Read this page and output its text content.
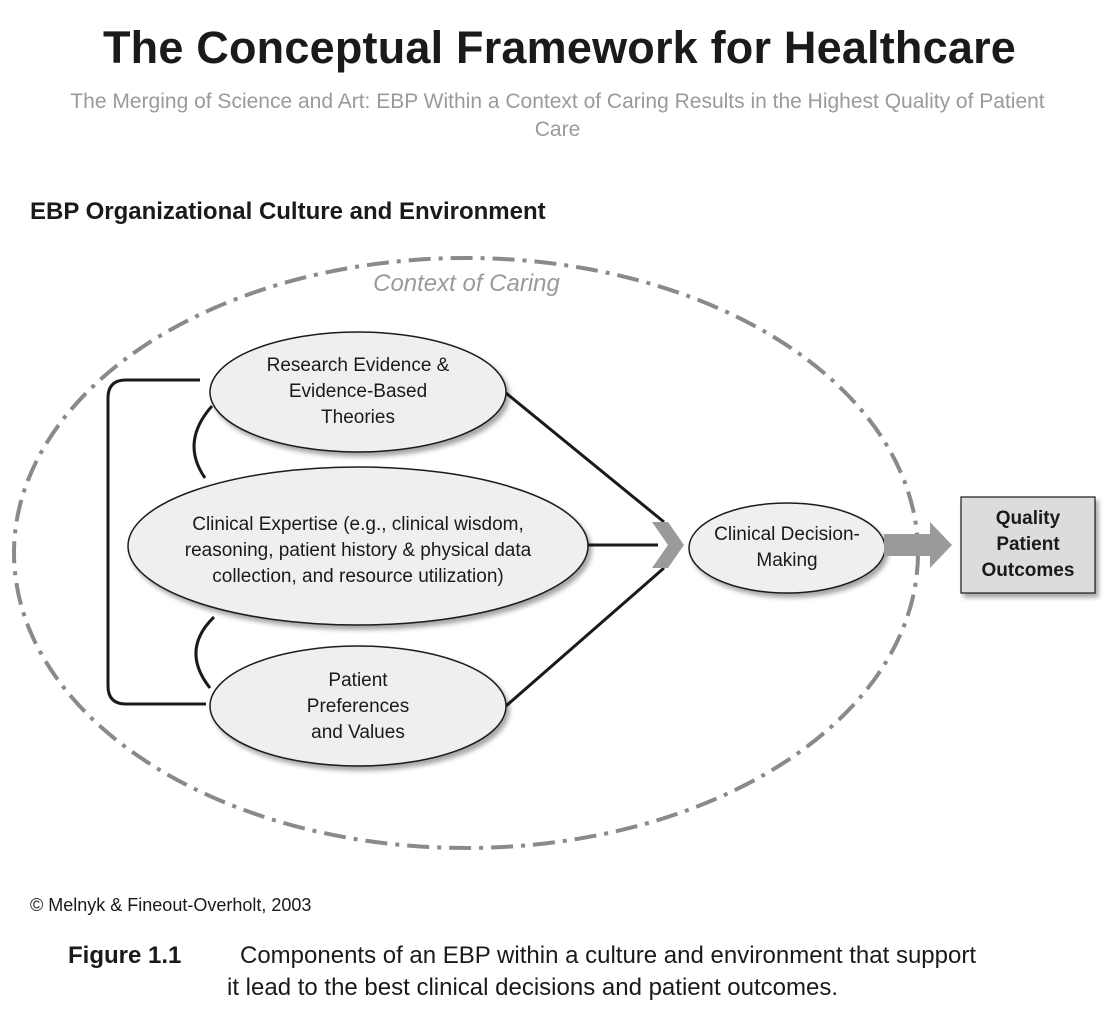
The Conceptual Framework for Healthcare
The Merging of Science and Art: EBP Within a Context of Caring Results in the Highest Quality of Patient Care
EBP Organizational Culture and Environment
Context of Caring
Research Evidence &
Evidence-Based
Theories
Clinical Expertise (e.g., clinical wisdom,
reasoning, patient history & physical data
collection, and resource utilization)
Patient
Preferences
and Values
Clinical Decision-
Making
Quality
Patient
Outcomes
© Melnyk & Fineout-Overholt, 2003
Figure 1.1 Components of an EBP within a culture and environment that support
it lead to the best clinical decisions and patient outcomes.
